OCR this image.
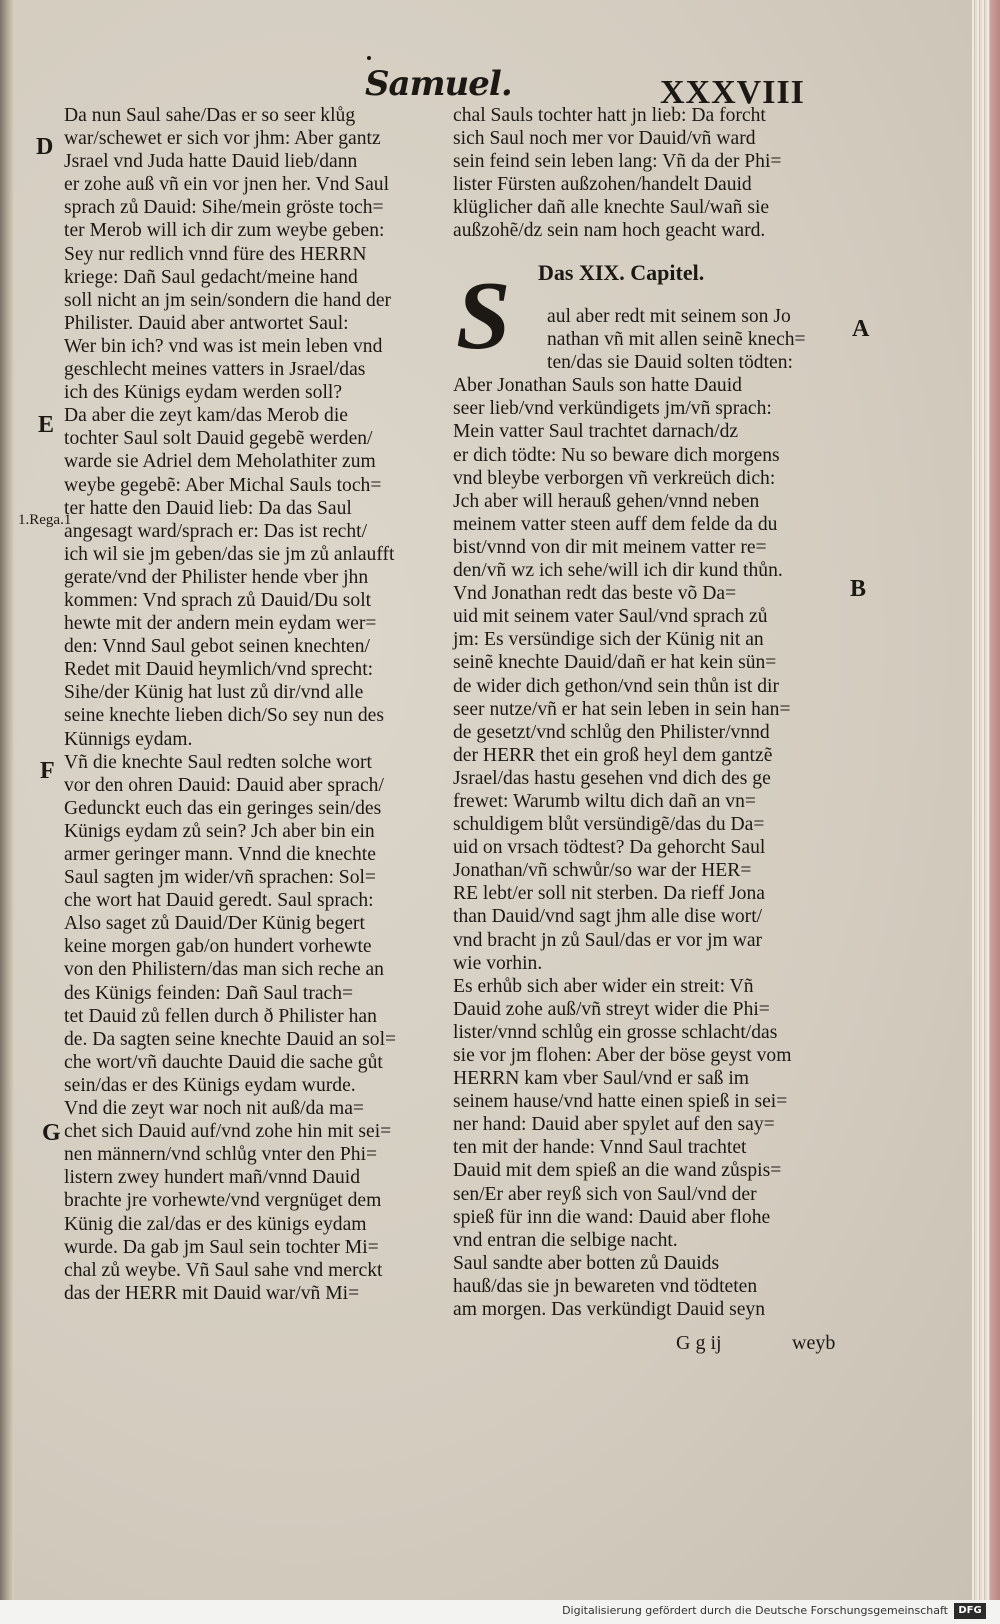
Samuel.	XXXVIII
Da nun Saul sahe/Das er so seer klůg
war/schewet er sich vor jhm: Aber gantz
Jsrael vnd Juda hatte Dauid lieb/dann
er zohe auß vñ ein vor jnen her. Vnd Saul
sprach zů Dauid: Sihe/mein gröste toch=
ter Merob will ich dir zum weybe geben:
Sey nur redlich vnnd füre des HERRN
kriege: Dañ Saul gedacht/meine hand
soll nicht an jm sein/sondern die hand der
Philister. Dauid aber antwortet Saul:
Wer bin ich? vnd was ist mein leben vnd
geschlecht meines vatters in Jsrael/das
ich des Künigs eydam werden soll?
Da aber die zeyt kam/das Merob die
tochter Saul solt Dauid gegebẽ werden/
warde sie Adriel dem Meholathiter zum
weybe gegebẽ: Aber Michal Sauls toch=
ter hatte den Dauid lieb: Da das Saul
angesagt ward/sprach er: Das ist recht/
ich wil sie jm geben/das sie jm zů anlaufft
gerate/vnd der Philister hende vber jhn
kommen: Vnd sprach zů Dauid/Du solt
hewte mit der andern mein eydam wer=
den: Vnnd Saul gebot seinen knechten/
Redet mit Dauid heymlich/vnd sprecht:
Sihe/der Künig hat lust zů dir/vnd alle
seine knechte lieben dich/So sey nun des
Künnigs eydam.
Vñ die knechte Saul redten solche wort
vor den ohren Dauid: Dauid aber sprach/
Gedunckt euch das ein geringes sein/des
Künigs eydam zů sein? Jch aber bin ein
armer geringer mann. Vnnd die knechte
Saul sagten jm wider/vñ sprachen: Sol=
che wort hat Dauid geredt. Saul sprach:
Also saget zů Dauid/Der Künig begert
keine morgen gab/on hundert vorhewte
von den Philistern/das man sich reche an
des Künigs feinden: Dañ Saul trach=
tet Dauid zů fellen durch ð Philister han
de. Da sagten seine knechte Dauid an sol=
che wort/vñ dauchte Dauid die sache gůt
sein/das er des Künigs eydam wurde.
Vnd die zeyt war noch nit auß/da ma=
chet sich Dauid auf/vnd zohe hin mit sei=
nen männern/vnd schlůg vnter den Phi=
listern zwey hundert mañ/vnnd Dauid
brachte jre vorhewte/vnd vergnüget dem
Künig die zal/das er des künigs eydam
wurde. Da gab jm Saul sein tochter Mi=
chal zů weybe. Vñ Saul sahe vnd merckt
das der HERR mit Dauid war/vñ Mi=
chal Sauls tochter hatt jn lieb: Da forcht
sich Saul noch mer vor Dauid/vñ ward
sein feind sein leben lang: Vñ da der Phi=
lister Fürsten außzohen/handelt Dauid
klüglicher dañ alle knechte Saul/wañ sie
außzohẽ/dz sein nam hoch geacht ward.
Das XIX. Capitel.
S	aul aber redt mit seinem son Jo
nathan vñ mit allen seinẽ knech=
ten/das sie Dauid solten tödten:
Aber Jonathan Sauls son hatte Dauid
seer lieb/vnd verkündigets jm/vñ sprach:
Mein vatter Saul trachtet darnach/dz
er dich tödte: Nu so beware dich morgens
vnd bleybe verborgen vñ verkreüch dich:
Jch aber will herauß gehen/vnnd neben
meinem vatter steen auff dem felde da du
bist/vnnd von dir mit meinem vatter re=
den/vñ wz ich sehe/will ich dir kund thůn.
Vnd Jonathan redt das beste võ Da=
uid mit seinem vater Saul/vnd sprach zů
jm: Es versündige sich der Künig nit an
seinẽ knechte Dauid/dañ er hat kein sün=
de wider dich gethon/vnd sein thůn ist dir
seer nutze/vñ er hat sein leben in sein han=
de gesetzt/vnd schlůg den Philister/vnnd
der HERR thet ein groß heyl dem gantzẽ
Jsrael/das hastu gesehen vnd dich des ge
frewet: Warumb wiltu dich dañ an vn=
schuldigem blůt versündigẽ/das du Da=
uid on vrsach tödtest? Da gehorcht Saul
Jonathan/vñ schwůr/so war der HER=
RE lebt/er soll nit sterben. Da rieff Jona
than Dauid/vnd sagt jhm alle dise wort/
vnd bracht jn zů Saul/das er vor jm war
wie vorhin.
Es erhůb sich aber wider ein streit: Vñ
Dauid zohe auß/vñ streyt wider die Phi=
lister/vnnd schlůg ein grosse schlacht/das
sie vor jm flohen: Aber der böse geyst vom
HERRN kam vber Saul/vnd er saß im
seinem hause/vnd hatte einen spieß in sei=
ner hand: Dauid aber spylet auf den say=
ten mit der hande: Vnnd Saul trachtet
Dauid mit dem spieß an die wand zůspis=
sen/Er aber reyß sich von Saul/vnd der
spieß für inn die wand: Dauid aber flohe
vnd entran die selbige nacht.
Saul sandte aber botten zů Dauids
hauß/das sie jn bewareten vnd tödteten
am morgen. Das verkündigt Dauid seyn
D
E
F
G
1.Rega.1
A
B
G g ij	weyb
Digitalisierung gefördert durch die Deutsche Forschungsgemeinschaft	DFG
